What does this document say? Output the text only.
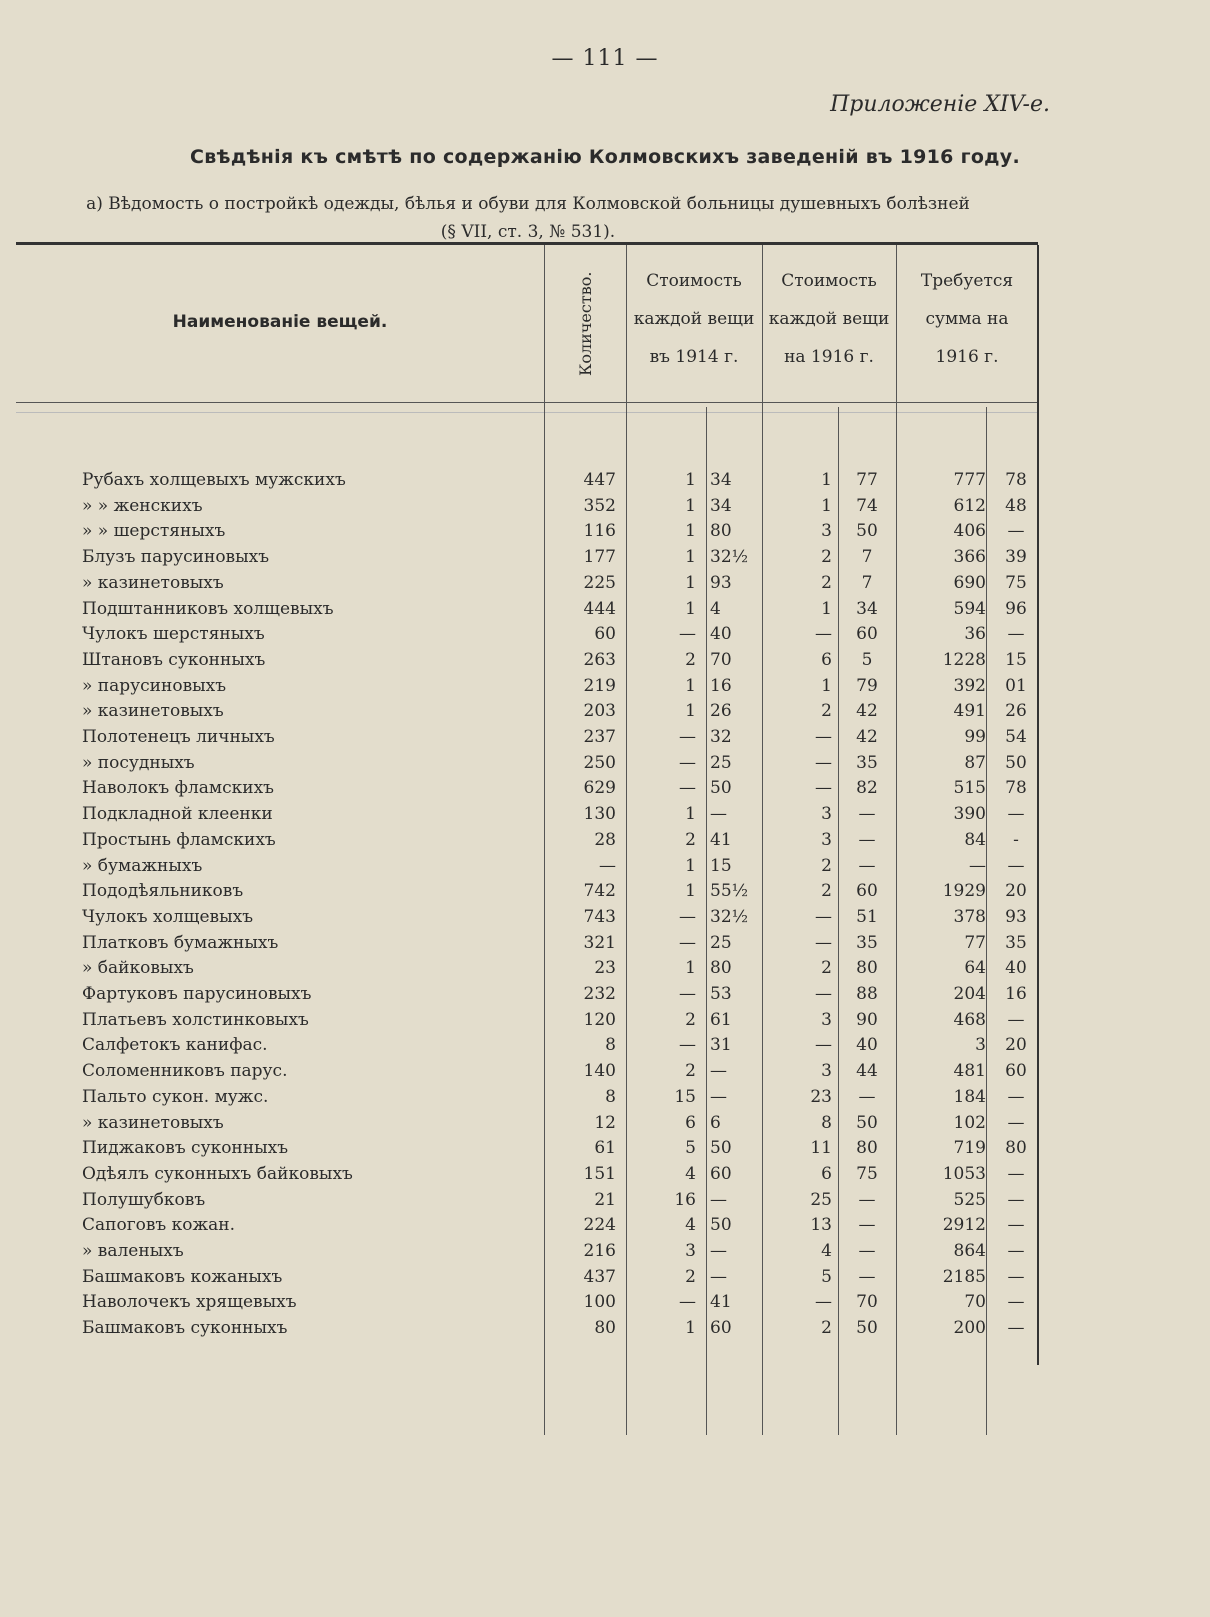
— 111 —
Приложеніе XIV-е.
Свѣдѣнія къ смѣтѣ по содержанію Колмовскихъ заведеній въ 1916 году.
а) Вѣдомость о постройкѣ одежды, бѣлья и обуви для Колмовской больницы душевныхъ болѣзней
(§ VII, ст. 3, № 531).
Наименованіе вещей.	Количество.	Стоимость
каждой вещи
въ 1914 г.
Стоимость
каждой вещи
на 1916 г.
Требуется
сумма на
1916 г.
Рубахъ холщевыхъ мужскихъ	447	1 34	1	77	777	78
» » женскихъ	352	1 34	1	74	612	48
» » шерстяныхъ	116	1 80	3	50	406	—
Блузъ парусиновыхъ	177	1 32½	2	7	366	39
» казинетовыхъ	225	1 93	2	7	690	75
Подштанниковъ холщевыхъ	444	1 4	1	34	594	96
Чулокъ шерстяныхъ	60	— 40	—	60	36	—
Штановъ суконныхъ	263	2 70	6	5	1228	15
» парусиновыхъ	219	1 16	1	79	392	01
» казинетовыхъ	203	1 26	2	42	491	26
Полотенецъ личныхъ	237	— 32	—	42	99	54
» посудныхъ	250	— 25	—	35	87	50
Наволокъ фламскихъ	629	— 50	—	82	515	78
Подкладной клеенки	130	1 —	3	—	390	—
Простынь фламскихъ	28	2 41	3	—	84	-
» бумажныхъ	—	1 15	2	—	—	—
Пододѣяльниковъ	742	1 55½	2	60	1929	20
Чулокъ холщевыхъ	743	— 32½	—	51	378	93
Платковъ бумажныхъ	321	— 25	—	35	77	35
» байковыхъ	23	1 80	2	80	64	40
Фартуковъ парусиновыхъ	232	— 53	—	88	204	16
Платьевъ холстинковыхъ	120	2 61	3	90	468	—
Салфетокъ канифас.	8	— 31	—	40	3	20
Соломенниковъ парус.	140	2 —	3	44	481	60
Пальто сукон. мужс.	8	15 —	23	—	184	—
» казинетовыхъ	12	6 6	8	50	102	—
Пиджаковъ суконныхъ	61	5 50	11	80	719	80
Одѣялъ суконныхъ байковыхъ	151	4 60	6	75	1053	—
Полушубковъ	21	16 —	25	—	525	—
Сапоговъ кожан.	224	4 50	13	—	2912	—
» валеныхъ	216	3 —	4	—	864	—
Башмаковъ кожаныхъ	437	2 —	5	—	2185	—
Наволочекъ хрящевыхъ	100	— 41	—	70	70	—
Башмаковъ суконныхъ	80	1 60	2	50	200	—
